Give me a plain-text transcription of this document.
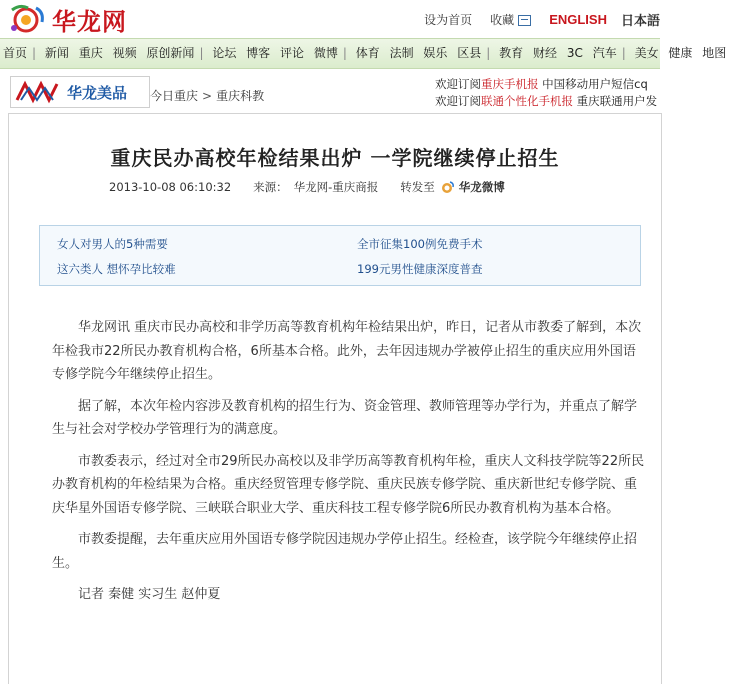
华龙网	设为首页 收藏	ENGLISH 日本語
首页 | 新闻 重庆 视频 原创新闻 | 论坛 博客 评论 微博 | 体育 法制 娱乐 区县 | 教育 财经 3C 汽车 | 美女 健康 地图
华龙美品 今日重庆 > 重庆科教
欢迎订阅重庆手机报 中国移动用户短信cq
欢迎订阅联通个性化手机报 重庆联通用户发
重庆民办高校年检结果出炉 一学院继续停止招生
2013-10-08 06:10:32 来源： 华龙网-重庆商报 转发至 华龙微博
女人对男人的5种需要	全市征集100例免费手术
这六类人 想怀孕比较难	199元男性健康深度普查

华龙网讯 重庆市民办高校和非学历高等教育机构年检结果出炉，昨日，记者从市教委了解到，本次年检我市22所民办教育机构合格，6所基本合格。此外，去年因违规办学被停止招生的重庆应用外国语专修学院今年继续停止招生。

据了解，本次年检内容涉及教育机构的招生行为、资金管理、教师管理等办学行为，并重点了解学生与社会对学校办学管理行为的满意度。

市教委表示，经过对全市29所民办高校以及非学历高等教育机构年检，重庆人文科技学院等22所民办教育机构的年检结果为合格。重庆经贸管理专修学院、重庆民族专修学院、重庆新世纪专修学院、重庆华星外国语专修学院、三峡联合职业大学、重庆科技工程专修学院6所民办教育机构为基本合格。

市教委提醒，去年重庆应用外国语专修学院因违规办学停止招生。经检查，该学院今年继续停止招生。

记者 秦健 实习生 赵仲夏
